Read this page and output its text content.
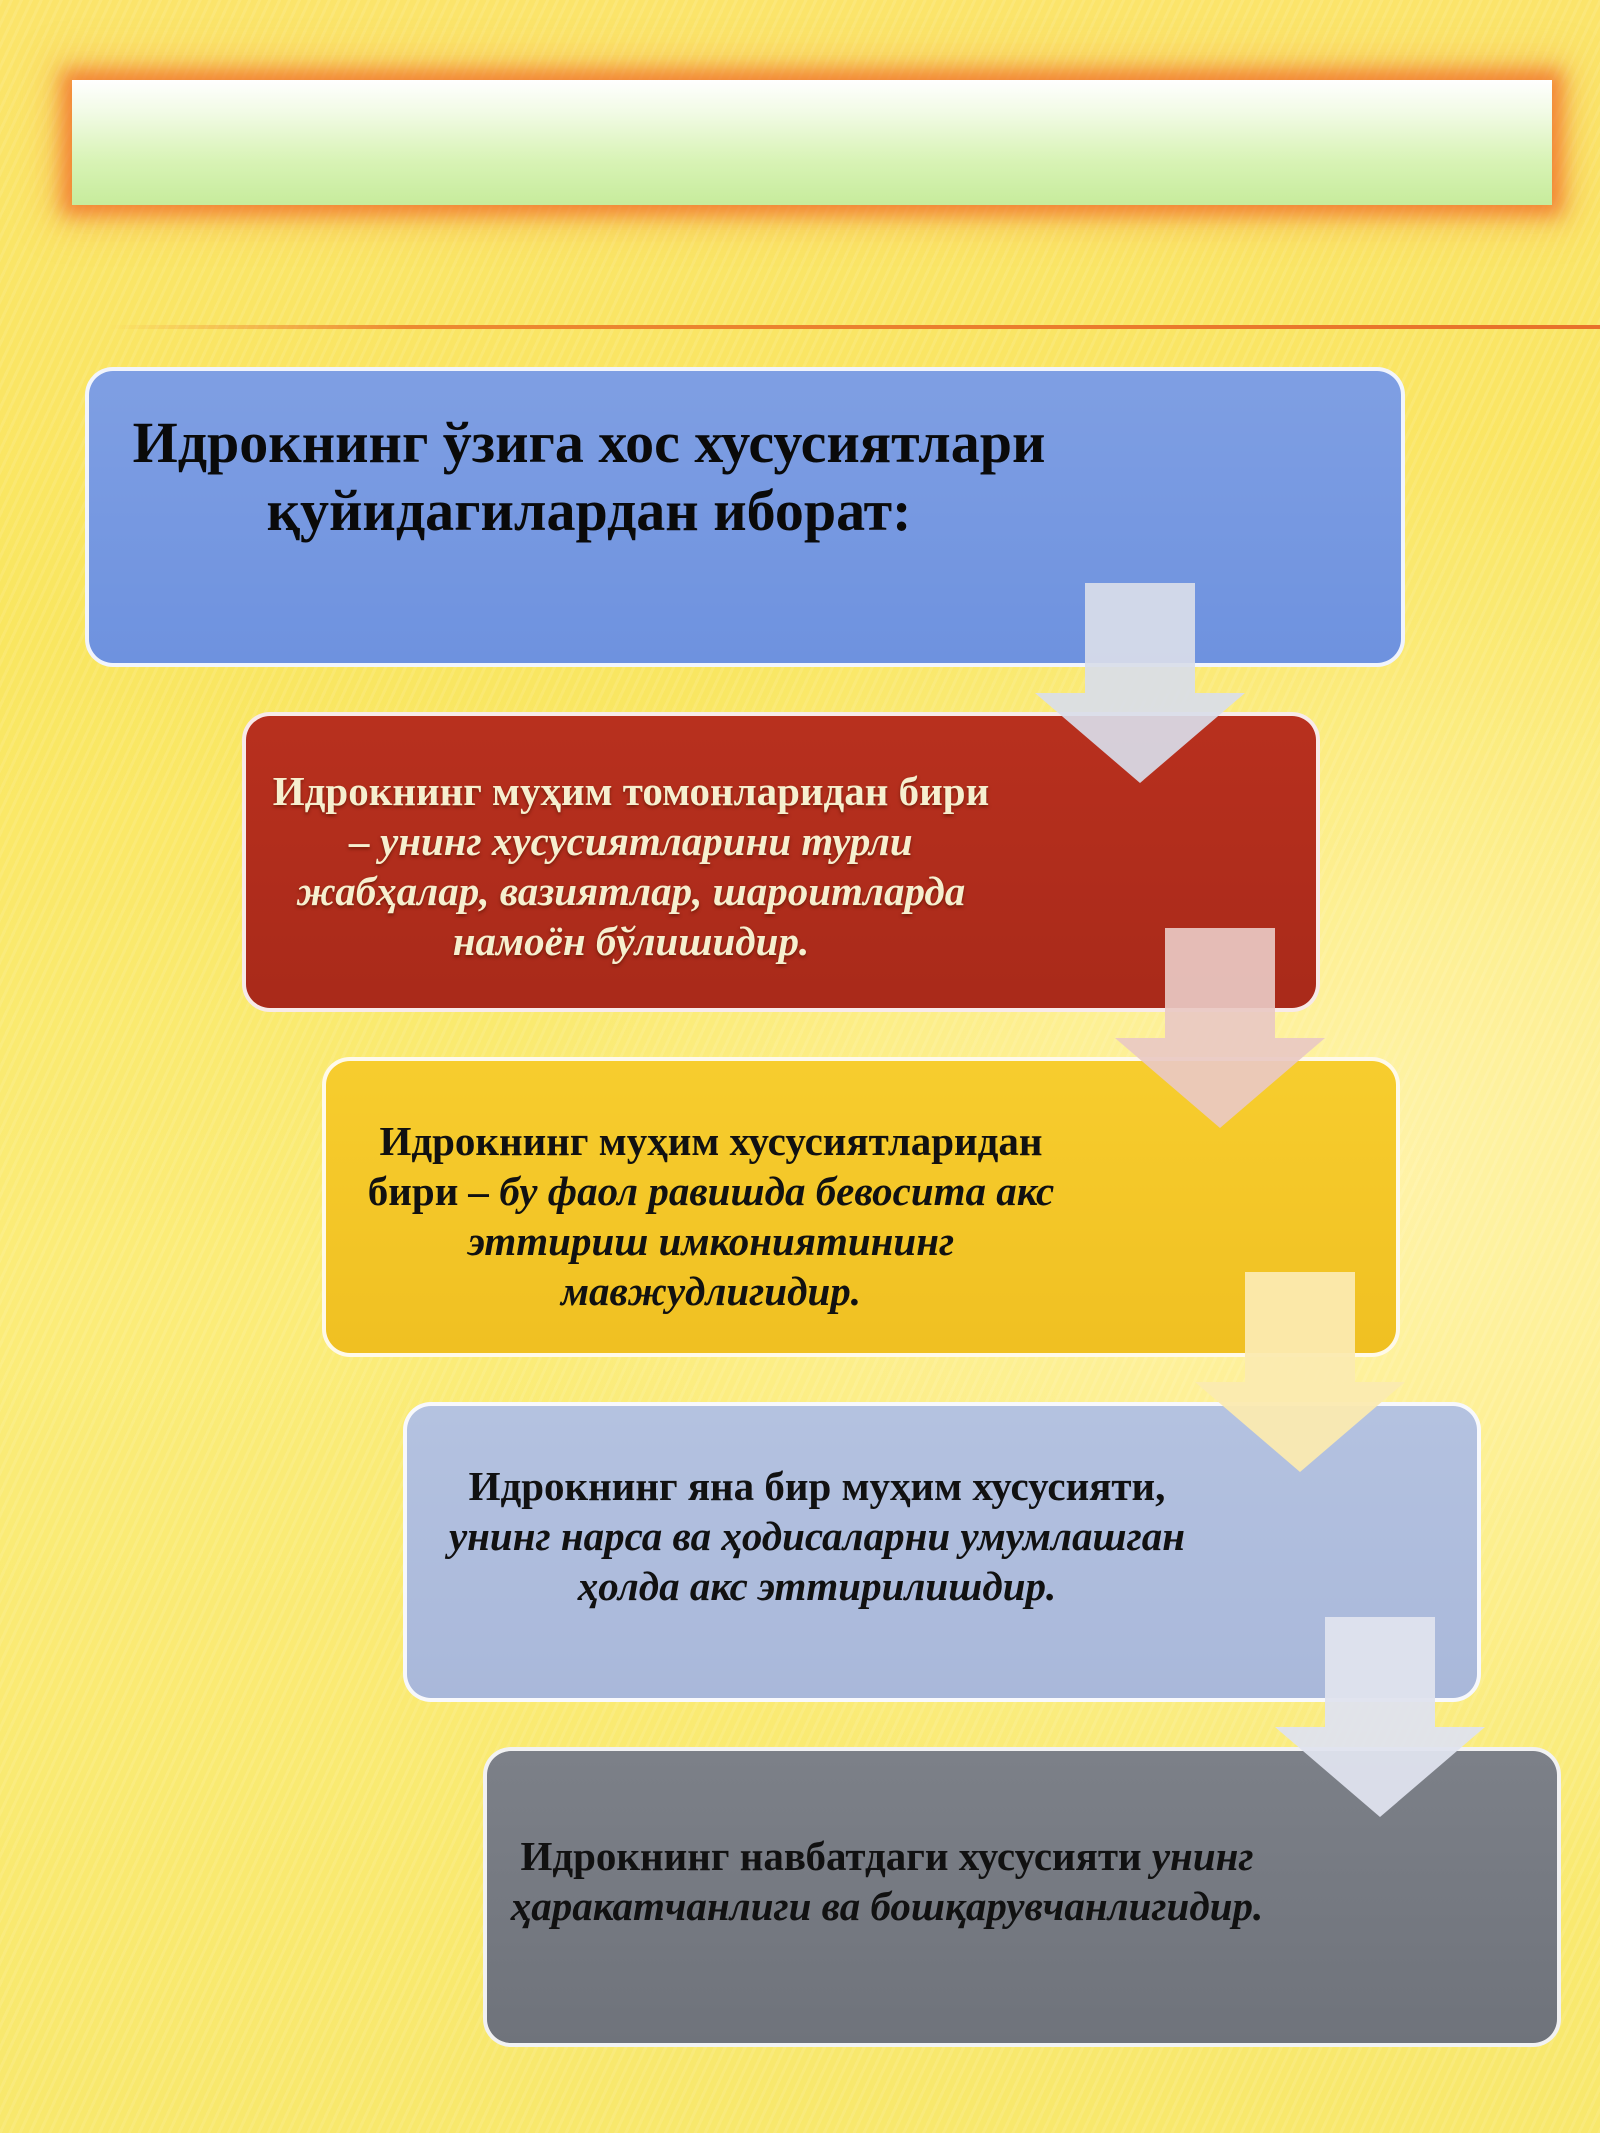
Идрокнинг ўзига хос хусусиятлари қуйидагилардан иборат:
Идрокнинг муҳим томонларидан бири – унинг хусусиятларини турли жабҳалар, вазиятлар, шароитларда намоён бўлишидир.
Идрокнинг муҳим хусусиятларидан бири – бу фаол равишда бевосита акс эттириш имкониятининг мавжудлигидир.
Идрокнинг яна бир муҳим хусусияти, унинг нарса ва ҳодисаларни умумлашган ҳолда акс эттирилишдир.
Идрокнинг навбатдаги хусусияти унинг ҳаракатчанлиги ва бошқарувчанлигидир.
